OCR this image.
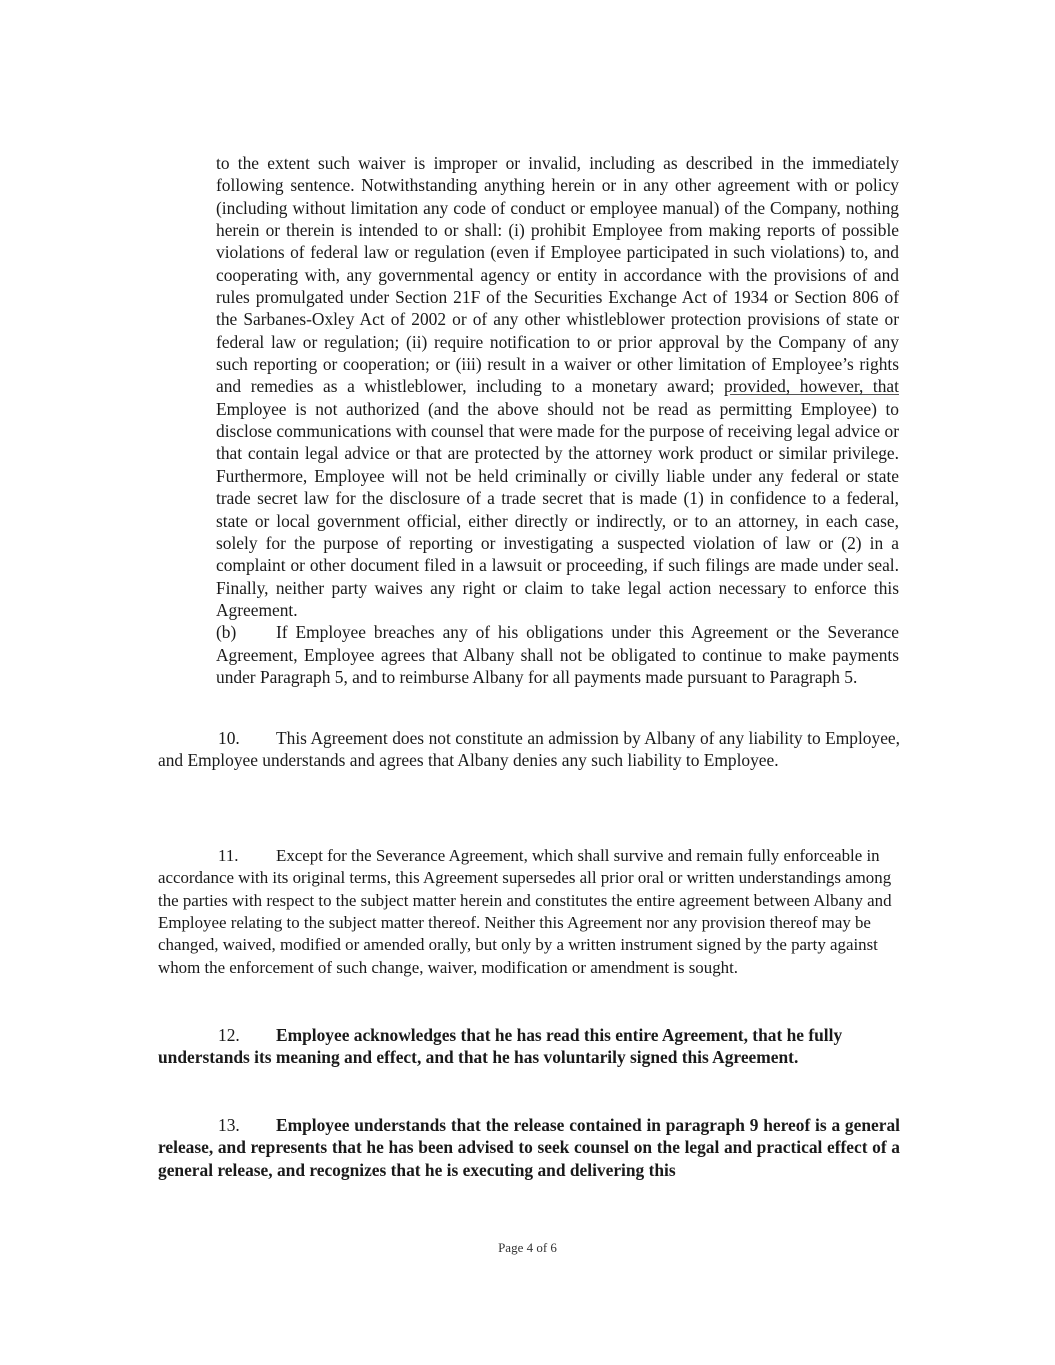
to the extent such waiver is improper or invalid, including as described in the immediately following sentence. Notwithstanding anything herein or in any other agreement with or policy (including without limitation any code of conduct or employee manual) of the Company, nothing herein or therein is intended to or shall: (i) prohibit Employee from making reports of possible violations of federal law or regulation (even if Employee participated in such violations) to, and cooperating with, any governmental agency or entity in accordance with the provisions of and rules promulgated under Section 21F of the Securities Exchange Act of 1934 or Section 806 of the Sarbanes-Oxley Act of 2002 or of any other whistleblower protection provisions of state or federal law or regulation; (ii) require notification to or prior approval by the Company of any such reporting or cooperation; or (iii) result in a waiver or other limitation of Employee’s rights and remedies as a whistleblower, including to a monetary award; provided, however, that Employee is not authorized (and the above should not be read as permitting Employee) to disclose communications with counsel that were made for the purpose of receiving legal advice or that contain legal advice or that are protected by the attorney work product or similar privilege. Furthermore, Employee will not be held criminally or civilly liable under any federal or state trade secret law for the disclosure of a trade secret that is made (1) in confidence to a federal, state or local government official, either directly or indirectly, or to an attorney, in each case, solely for the purpose of reporting or investigating a suspected violation of law or (2) in a complaint or other document filed in a lawsuit or proceeding, if such filings are made under seal. Finally, neither party waives any right or claim to take legal action necessary to enforce this Agreement.

(b) If Employee breaches any of his obligations under this Agreement or the Severance Agreement, Employee agrees that Albany shall not be obligated to continue to make payments under Paragraph 5, and to reimburse Albany for all payments made pursuant to Paragraph 5.

10. This Agreement does not constitute an admission by Albany of any liability to Employee, and Employee understands and agrees that Albany denies any such liability to Employee.

11. Except for the Severance Agreement, which shall survive and remain fully enforceable in accordance with its original terms, this Agreement supersedes all prior oral or written understandings among the parties with respect to the subject matter herein and constitutes the entire agreement between Albany and Employee relating to the subject matter thereof. Neither this Agreement nor any provision thereof may be changed, waived, modified or amended orally, but only by a written instrument signed by the party against whom the enforcement of such change, waiver, modification or amendment is sought.

12. Employee acknowledges that he has read this entire Agreement, that he fully understands its meaning and effect, and that he has voluntarily signed this Agreement.

13. Employee understands that the release contained in paragraph 9 hereof is a general release, and represents that he has been advised to seek counsel on the legal and practical effect of a general release, and recognizes that he is executing and delivering this

Page 4 of 6
